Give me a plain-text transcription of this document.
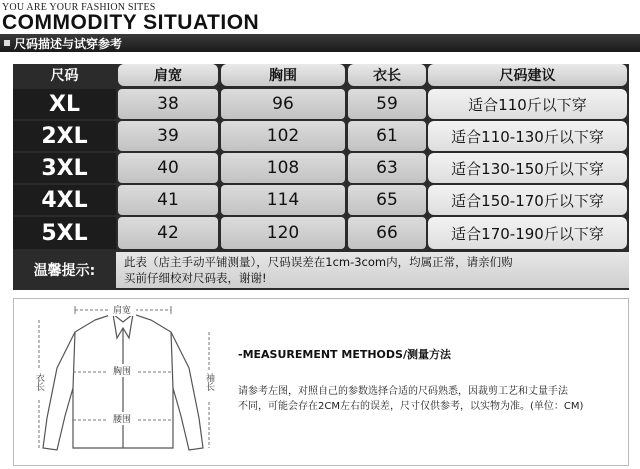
YOU ARE YOUR FASHION SITES
COMMODITY SITUATION
尺码描述与试穿参考
尺码	肩宽	胸围	衣长	尺码建议
XL	38	96	59	适合110斤以下穿
2XL	39	102	61	适合110-130斤以下穿
3XL	40	108	63	适合130-150斤以下穿
4XL	41	114	65	适合150-170斤以下穿
5XL	42	120	66	适合170-190斤以下穿
温馨提示:
此表（店主手动平铺测量），尺码误差在1cm-3com内，均属正常，请亲们购
买前仔细校对尺码表，谢谢!
肩宽
胸围
腰围
衣长	袖长
-MEASUREMENT METHODS/测量方法
请参考左图，对照自己的参数选择合适的尺码熟悉，因裁剪工艺和丈量手法
不同，可能会存在2CM左右的误差，尺寸仅供参考，以实物为准。(单位：CM)
